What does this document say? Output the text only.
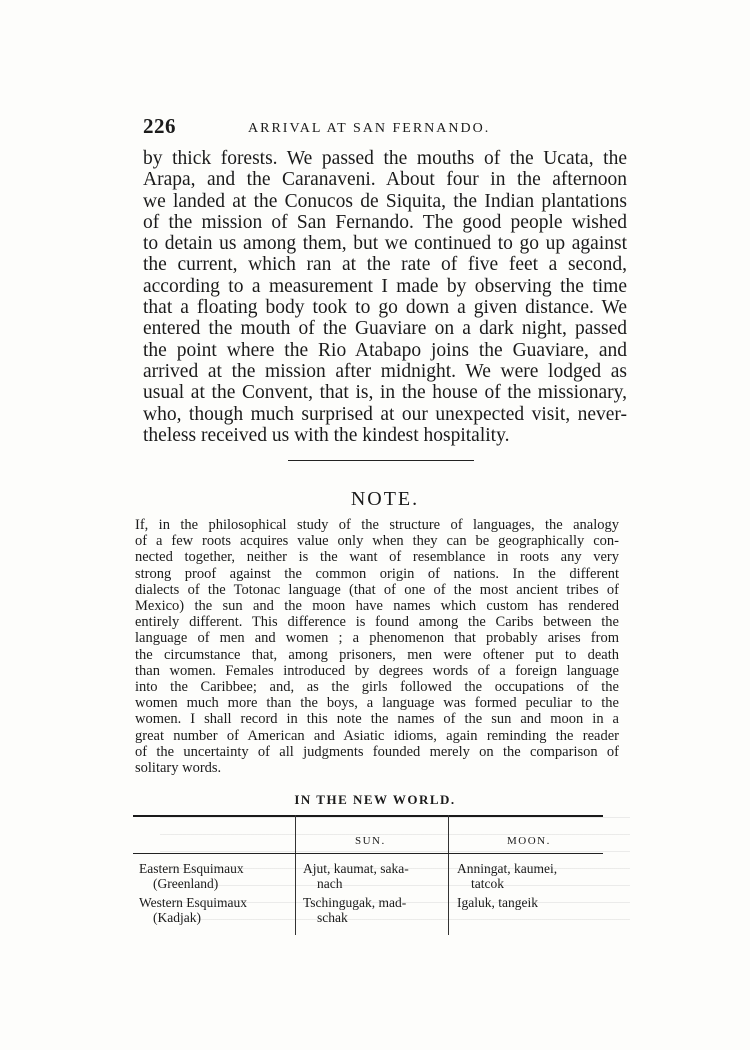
226	ARRIVAL AT SAN FERNANDO.

by thick forests. We passed the mouths of the Ucata, the
Arapa, and the Caranaveni. About four in the afternoon
we landed at the Conucos de Siquita, the Indian plantations
of the mission of San Fernando. The good people wished
to detain us among them, but we continued to go up against
the current, which ran at the rate of five feet a second,
according to a measurement I made by observing the time
that a floating body took to go down a given distance. We
entered the mouth of the Guaviare on a dark night, passed
the point where the Rio Atabapo joins the Guaviare, and
arrived at the mission after midnight. We were lodged as
usual at the Convent, that is, in the house of the missionary,
who, though much surprised at our unexpected visit, never-
theless received us with the kindest hospitality.

NOTE.

If, in the philosophical study of the structure of languages, the analogy
of a few roots acquires value only when they can be geographically con-
nected together, neither is the want of resemblance in roots any very
strong proof against the common origin of nations. In the different
dialects of the Totonac language (that of one of the most ancient tribes of
Mexico) the sun and the moon have names which custom has rendered
entirely different. This difference is found among the Caribs between the
language of men and women ; a phenomenon that probably arises from
the circumstance that, among prisoners, men were oftener put to death
than women. Females introduced by degrees words of a foreign language
into the Caribbee; and, as the girls followed the occupations of the
women much more than the boys, a language was formed peculiar to the
women. I shall record in this note the names of the sun and moon in a
great number of American and Asiatic idioms, again reminding the reader
of the uncertainty of all judgments founded merely on the comparison of
solitary words.

IN THE NEW WORLD.
SUN.	MOON.
Eastern Esquimaux
(Greenland)
Ajut, kaumat, saka-
nach
Anningat, kaumei,
tatcok
Western Esquimaux
(Kadjak)
Tschingugak, mad-
schak
Igaluk, tangeik
